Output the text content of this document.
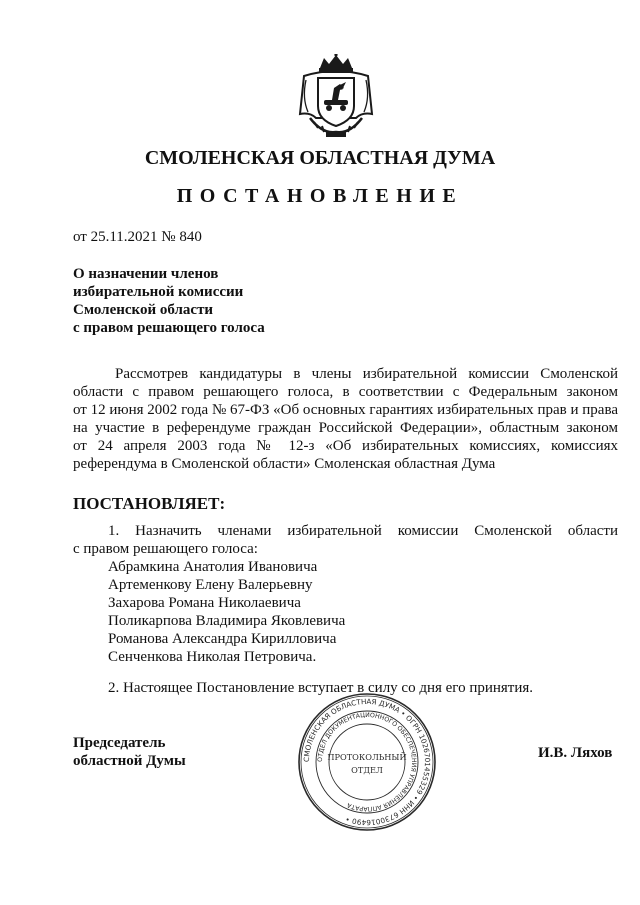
СМОЛЕНСКАЯ ОБЛАСТНАЯ ДУМА
ПОСТАНОВЛЕНИЕ
от 25.11.2021 № 840
О назначении членов
избирательной комиссии
Смоленской области
с правом решающего голоса
Рассмотрев кандидатуры в члены избирательной комиссии Смоленской
области с правом решающего голоса, в соответствии с Федеральным законом
от 12 июня 2002 года № 67-ФЗ «Об основных гарантиях избирательных прав и права
на участие в референдуме граждан Российской Федерации», областным законом
от 24 апреля 2003 года № 12-з «Об избирательных комиссиях, комиссиях
референдума в Смоленской области» Смоленская областная Дума
ПОСТАНОВЛЯЕТ:
1. Назначить членами избирательной комиссии Смоленской области
с правом решающего голоса:
Абрамкина Анатолия Ивановича
Артеменкову Елену Валерьевну
Захарова Романа Николаевича
Поликарпова Владимира Яковлевича
Романова Александра Кирилловича
Сенченкова Николая Петровича.
2. Настоящее Постановление вступает в силу со дня его принятия.
Председатель
областной Думы	И.В. Ляхов
СМОЛЕНСКАЯ ОБЛАСТНАЯ ДУМА • ОГРН 1026701455329 • ИНН 6730016490 •
ОТДЕЛ ДОКУМЕНТАЦИОННОГО ОБЕСПЕЧЕНИЯ УПРАВЛЕНИЯ АППАРАТА
ПРОТОКОЛЬНЫЙ
ОТДЕЛ
